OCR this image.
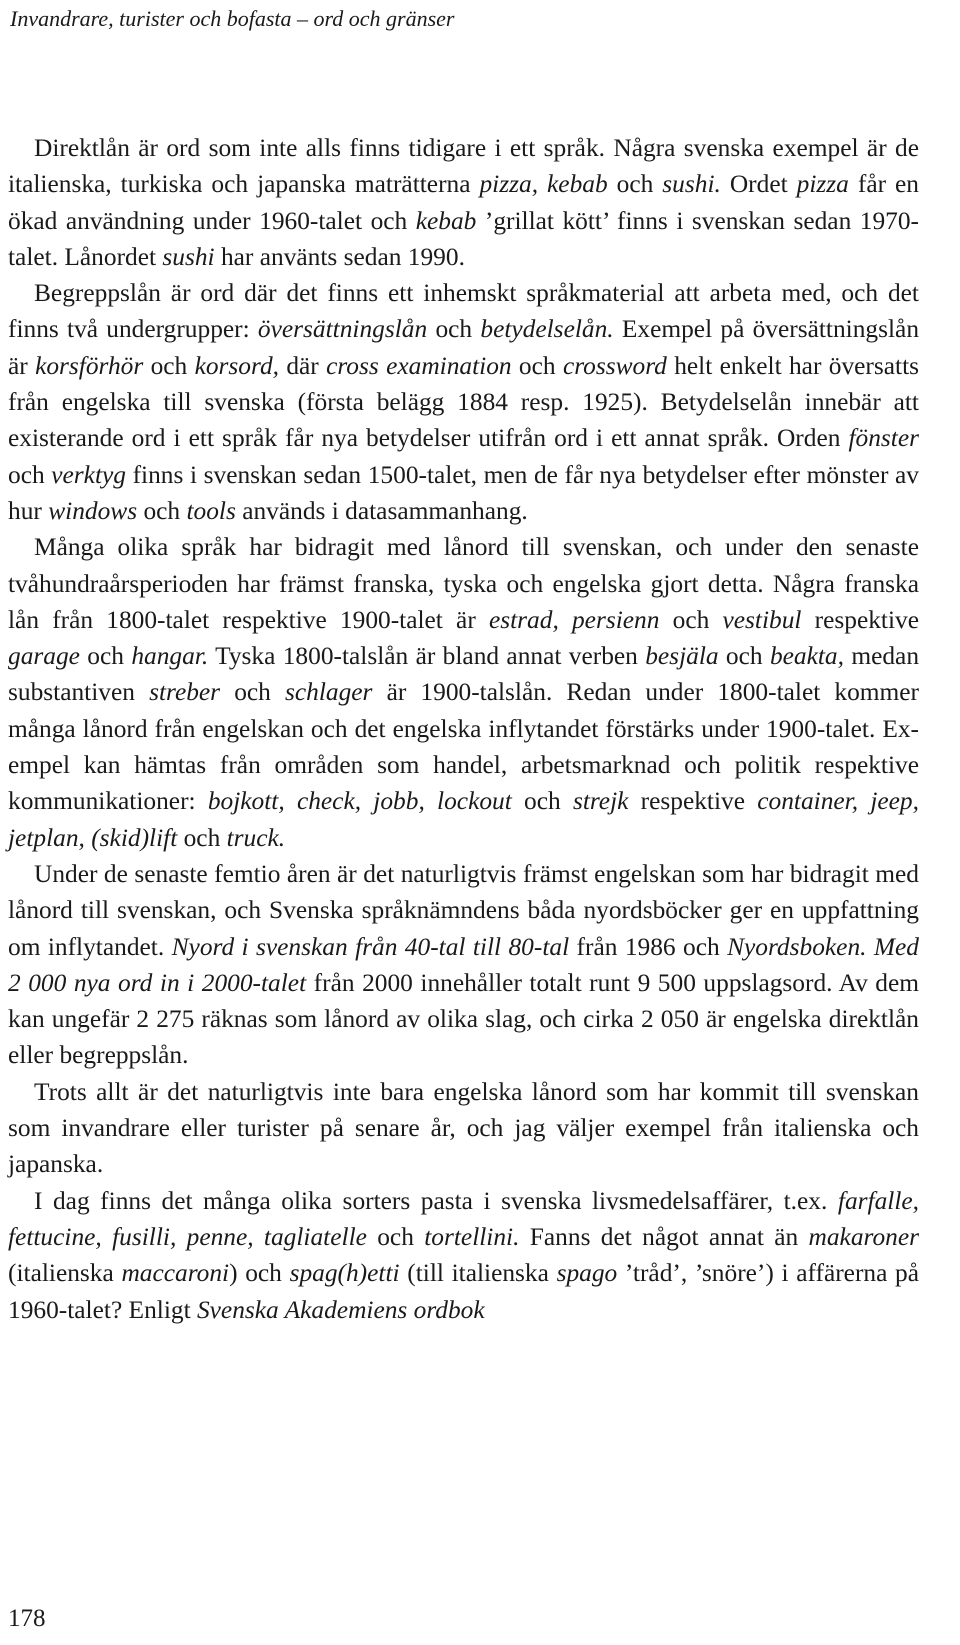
Invandrare, turister och bofasta – ord och gränser

Direktlån är ord som inte alls finns tidigare i ett språk. Några svenska exempel är de italienska, turkiska och japanska maträtterna pizza, kebab och sushi. Ordet pizza får en ökad användning under 1960-talet och kebab ’grillat kött’ finns i svenskan sedan 1970-talet. Lånordet sushi har använts sedan 1990.

Begreppslån är ord där det finns ett inhemskt språkmaterial att arbeta med, och det finns två undergrupper: översättningslån och betydelselån. Exempel på översättningslån är korsförhör och korsord, där cross examination och crossword helt enkelt har översatts från engelska till svenska (första belägg 1884 resp. 1925). Betydelselån innebär att existerande ord i ett språk får nya betydelser utifrån ord i ett annat språk. Orden fönster och verktyg finns i svenskan sedan 1500-talet, men de får nya betydelser efter mönster av hur windows och tools används i datasammanhang.

Många olika språk har bidragit med lånord till svenskan, och under den senaste tvåhundraårsperioden har främst franska, tyska och engelska gjort detta. Några franska lån från 1800-talet respektive 1900-talet är estrad, persienn och vestibul respektive garage och hangar. Tyska 1800-talslån är bland annat verben besjäla och beakta, medan substantiven streber och schlager är 1900-talslån. Redan under 1800-talet kommer många lånord från engelskan och det engelska inflytandet förstärks under 1900-talet. Exempel kan hämtas från områden som handel, arbetsmarknad och politik respektive kommunikationer: bojkott, check, jobb, lockout och strejk respektive container, jeep, jetplan, (skid)lift och truck.

Under de senaste femtio åren är det naturligtvis främst engelskan som har bidragit med lånord till svenskan, och Svenska språknämndens båda nyordsböcker ger en uppfattning om inflytandet. Nyord i svenskan från 40-tal till 80-tal från 1986 och Nyordsboken. Med 2 000 nya ord in i 2000-talet från 2000 innehåller totalt runt 9 500 uppslagsord. Av dem kan ungefär 2 275 räknas som lånord av olika slag, och cirka 2 050 är engelska direktlån eller begreppslån.

Trots allt är det naturligtvis inte bara engelska lånord som har kommit till svenskan som invandrare eller turister på senare år, och jag väljer exempel från italienska och japanska.

I dag finns det många olika sorters pasta i svenska livsmedelsaffärer, t.ex. farfalle, fettucine, fusilli, penne, tagliatelle och tortellini. Fanns det något annat än makaroner (italienska maccaroni) och spag(h)etti (till italienska spago ’tråd’, ’snöre’) i affärerna på 1960-talet? Enligt Svenska Akademiens ordbok

178
